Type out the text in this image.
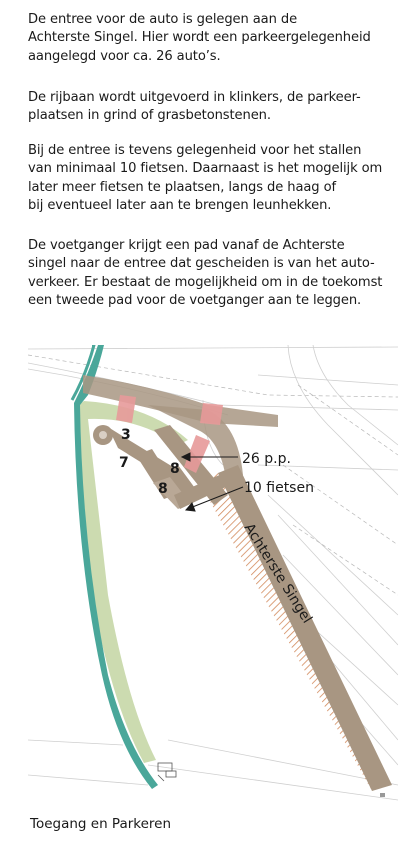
De entree voor de auto is gelegen aan de
Achterste Singel. Hier wordt een parkeergelegenheid
aangelegd voor ca. 26 auto’s.

De rijbaan wordt uitgevoerd in klinkers, de parkeer-
plaatsen in grind of grasbetonstenen.

Bij de entree is tevens gelegenheid voor het stallen
van minimaal 10 fietsen. Daarnaast is het mogelijk om
later meer fietsen te plaatsen, langs de haag of
bij eventueel later aan te brengen leunhekken.

De voetganger krijgt een pad vanaf de Achterste
singel naar de entree dat gescheiden is van het auto-
verkeer. Er bestaat de mogelijkheid om in de toekomst
een tweede pad voor de voetganger aan te leggen.

3
7	8
8
26 p.p.
10 fietsen
Achterste Singel

Toegang en Parkeren
